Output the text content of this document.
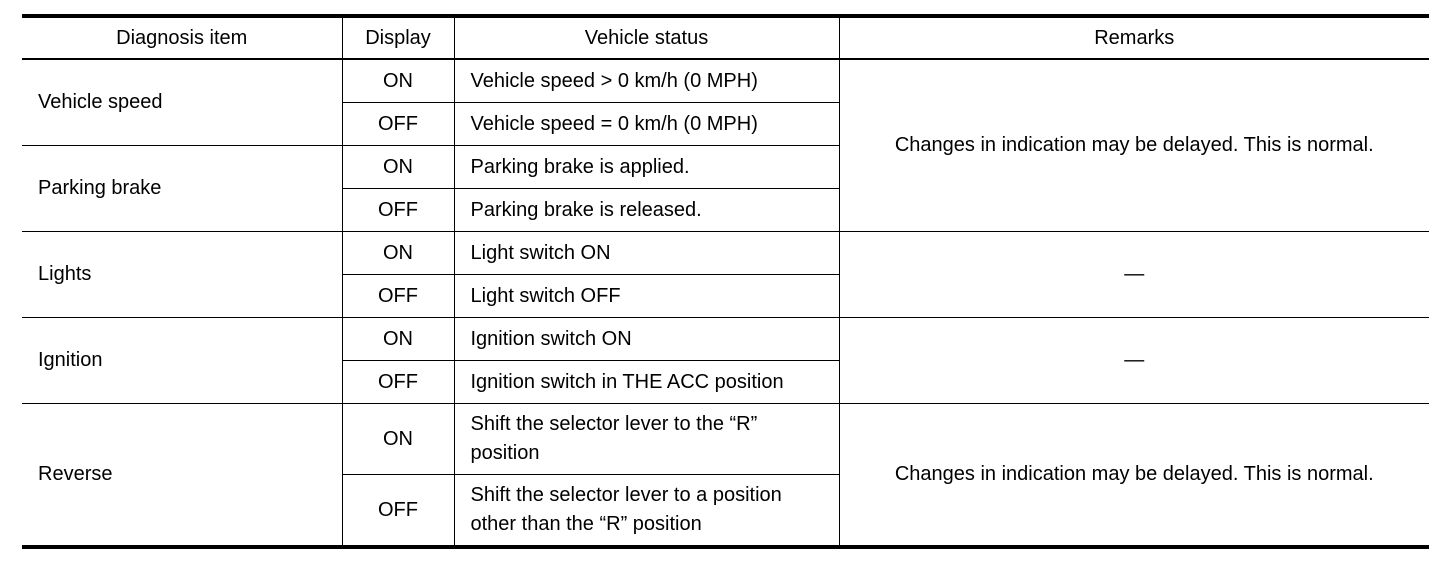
Diagnosis item	Display	Vehicle status	Remarks
Vehicle speed	ON	Vehicle speed > 0 km/h (0 MPH)	Changes in indication may be delayed. This is normal.
	OFF	Vehicle speed = 0 km/h (0 MPH)	
Parking brake	ON	Parking brake is applied.	
	OFF	Parking brake is released.	
Lights	ON	Light switch ON	—
	OFF	Light switch OFF	
Ignition	ON	Ignition switch ON	—
	OFF	Ignition switch in THE ACC position	
Reverse	ON	Shift the selector lever to the “R” position	Changes in indication may be delayed. This is normal.
	OFF	Shift the selector lever to a position other than the “R” position	
